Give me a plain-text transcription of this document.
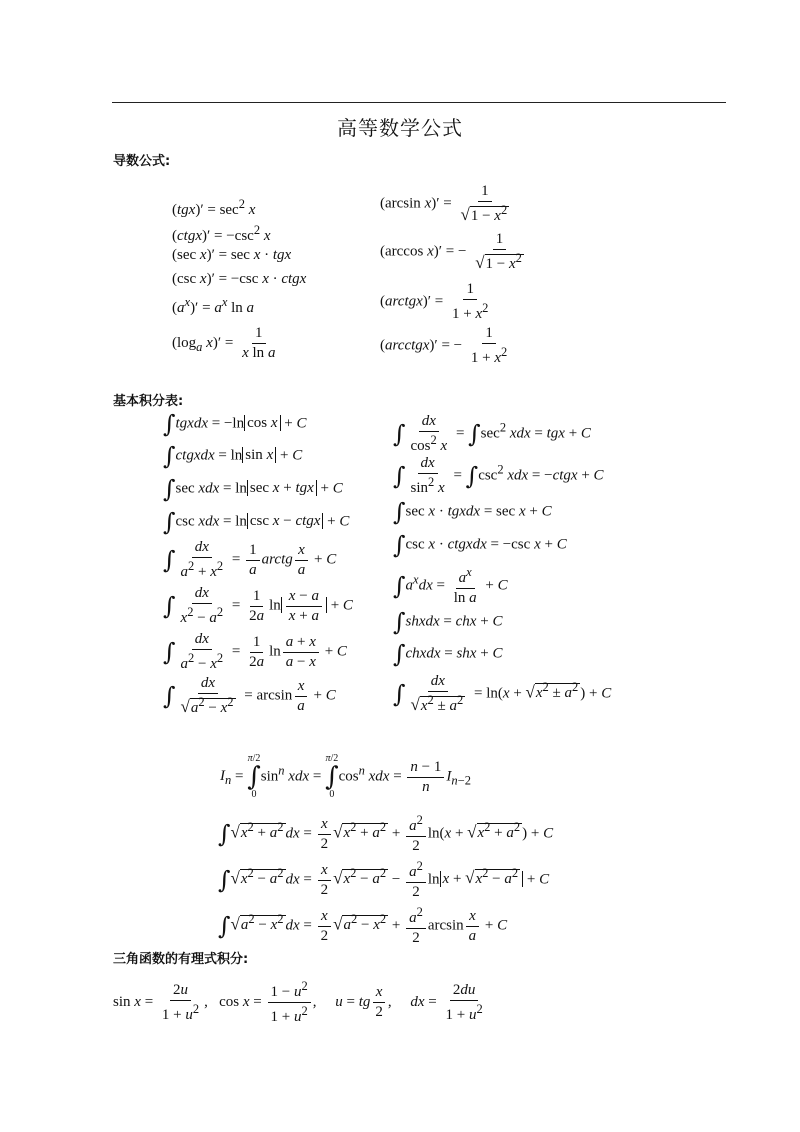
高等数学公式
导数公式:
$(tgx)' = \sec^2 x$
(ctgx)′ = $-\csc^2$ x
(sec x)′ = sec x · tgx
(csc x)′ = −csc x · ctgx
$(a^x)' = a^x$ ln a
($\log_a$ $x)' = \frac{1}{\text{x ln a}}$
(arcsin $x)' = \frac{1}{√1 - x^2}$
(arccos x)′ = − $\frac{1}{√1 - x^2}$
(arctgx)′ = $\frac{1}{1 + x^2}$
(arcctgx)′ = − $\frac{1}{1 + x^2}$
基本积分表:
∫tgxdx = −ln cos x + C
∫ctgxdx = ln sin x + C
∫sec xdx = ln sec x + tgx + C
∫csc xdx = ln csc x − ctgx + C
∫ $\frac{dx}{a^2 + x^2} = \frac{1}{a}$ arctg $\frac{x}{a} + C$
∫ $\frac{dx}{x^2 - a^2} = \frac{1}{2a}$ $\ln \frac{x - a}{x + a} + C$
∫ $\frac{dx}{a^2 - x^2} = \frac{1}{2a}$ $\ln \frac{a + x}{a - x} + C$
∫ $\frac{dx}{√a^2 - x^2} = \arcsin \frac{x}{a} + C$
∫ $\frac{dx}{\cos^2 x} = \int\sec^2$ xdx = tgx + C
∫ $\frac{dx}{\sin^2 x} = \int\csc^2$ xdx = −ctgx + C
∫sec x · tgxdx = sec x + C
∫csc x · ctgxdx = −csc x + C
$\int a^xdx = \frac{a^x}{\text{ln a}} + C$
∫shxdx = chx + C
∫chxdx = shx + C
∫ $\frac{dx}{√x^2 \pm a^2} = \ln(x + √x^2 \pm a^2$ ) + C
$I_n$ =
π/2
∫
0
$\sin^n$ xdx =
π/2
∫
0
$\cos^n$ xdx = $\frac{n - 1}{n} I_{n-2}$
$\int√x^2 + a^2$ dx = $\frac{x}{2} √x^2 + a^2 + \frac{a^2}{2} \ln(x + √x^2 + a^2$ ) + C
$\int√x^2 - a^2$ dx = $\frac{x}{2} √x^2 - a^2 - \frac{a^2}{2}$ $\ln x + √x^2 - a^2 + C$
$\int√a^2 - x^2$ dx = $\frac{x}{2} √a^2 - x^2 + \frac{a^2}{2}$ $\arcsin \frac{x}{a} + C$
三角函数的有理式积分:
$\sin x = \frac{2u}{1 + u^2}$ ,   $\cos x = \frac{1 - u^2}{1 + u^2}$ ,     u = tg $\frac{x}{2}$ ,     dx = $\frac{2du}{1 + u^2}$
